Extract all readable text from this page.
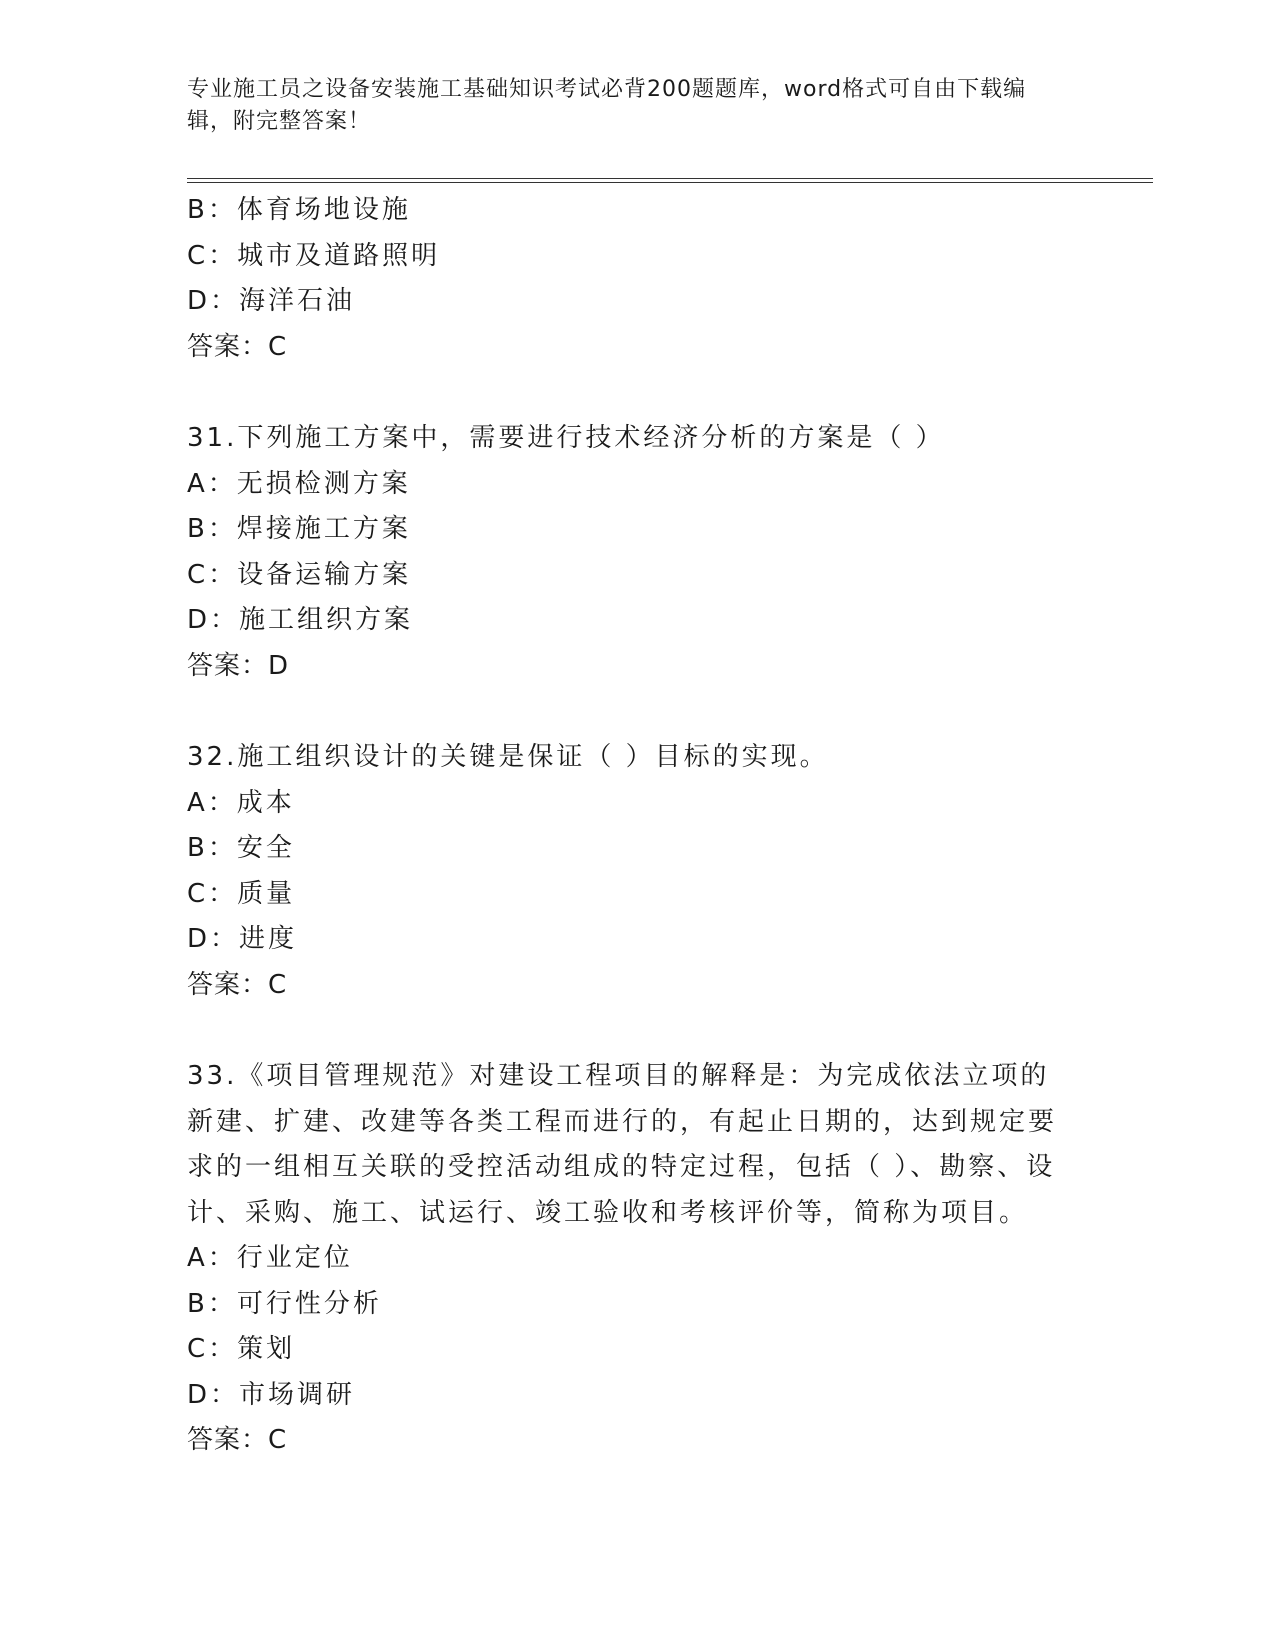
专业施工员之设备安装施工基础知识考试必背200题题库，word格式可自由下载编辑，附完整答案！
B：体育场地设施
C：城市及道路照明
D：海洋石油
答案：C
31.下列施工方案中，需要进行技术经济分析的方案是（ ）
A：无损检测方案
B：焊接施工方案
C：设备运输方案
D：施工组织方案
答案：D
32.施工组织设计的关键是保证（ ）目标的实现。
A：成本
B：安全
C：质量
D：进度
答案：C
33.《项目管理规范》对建设工程项目的解释是：为完成依法立项的新建、扩建、改建等各类工程而进行的，有起止日期的，达到规定要求的一组相互关联的受控活动组成的特定过程，包括（ ）、勘察、设计、采购、施工、试运行、竣工验收和考核评价等，简称为项目。
A：行业定位
B：可行性分析
C：策划
D：市场调研
答案：C
